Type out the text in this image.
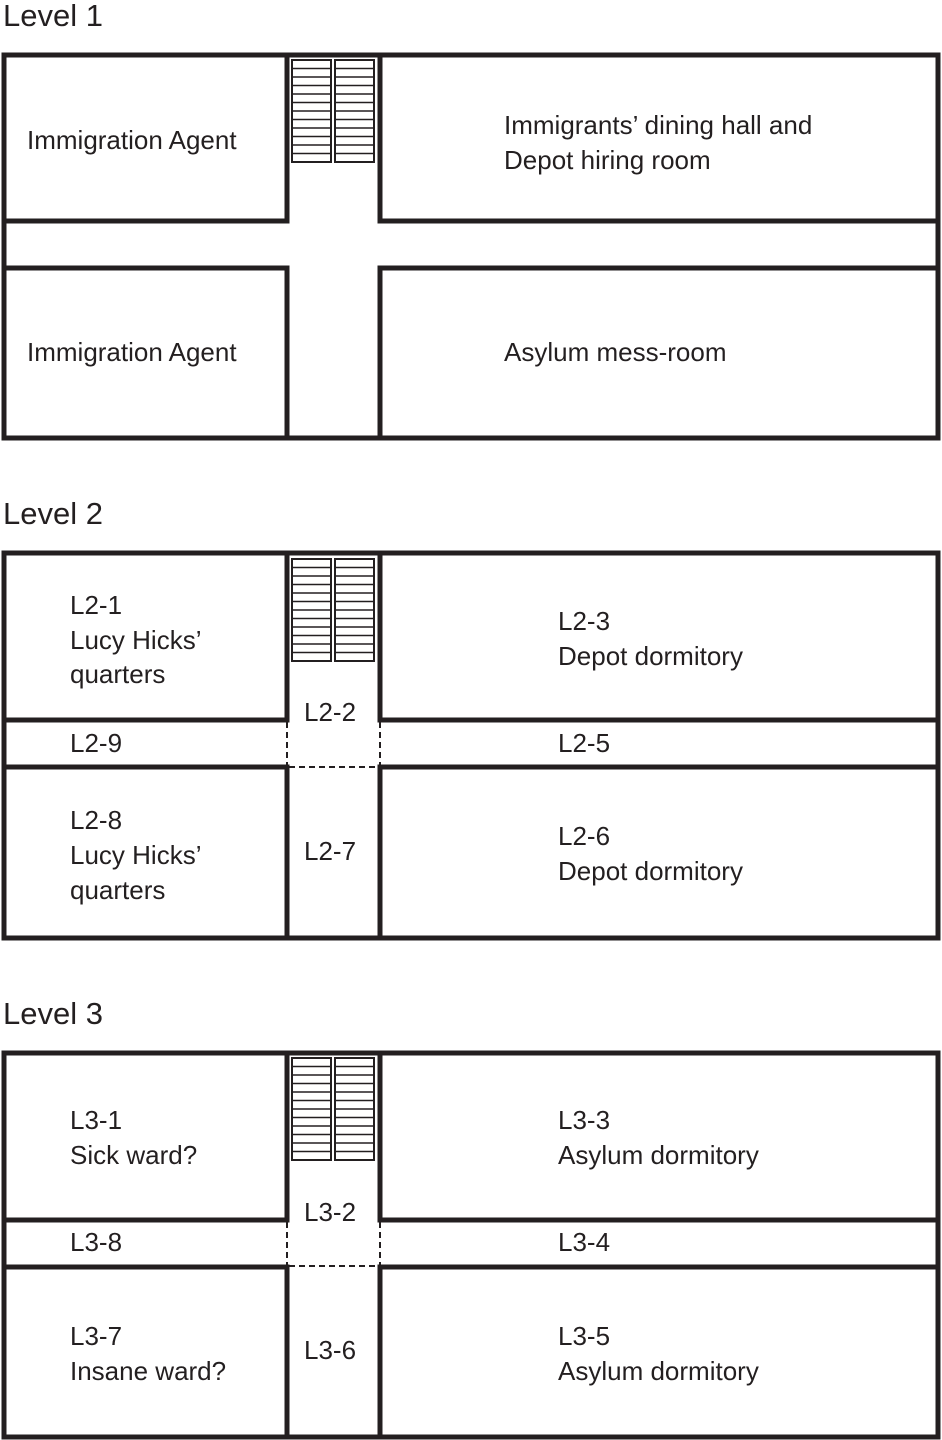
Level 1
Immigration Agent	Immigrants’ dining hall and Depot hiring room
Immigration Agent	Asylum mess-room
Level 2
L2-1 Lucy Hicks’ quarters
L2-3 Depot dormitory
L2-2
L2-9	L2-5
L2-8 Lucy Hicks’ quarters
L2-7	L2-6 Depot dormitory
Level 3
L3-1 Sick ward?
L3-3 Asylum dormitory
L3-2
L3-8	L3-4
L3-7 Insane ward?
L3-6	L3-5 Asylum dormitory
